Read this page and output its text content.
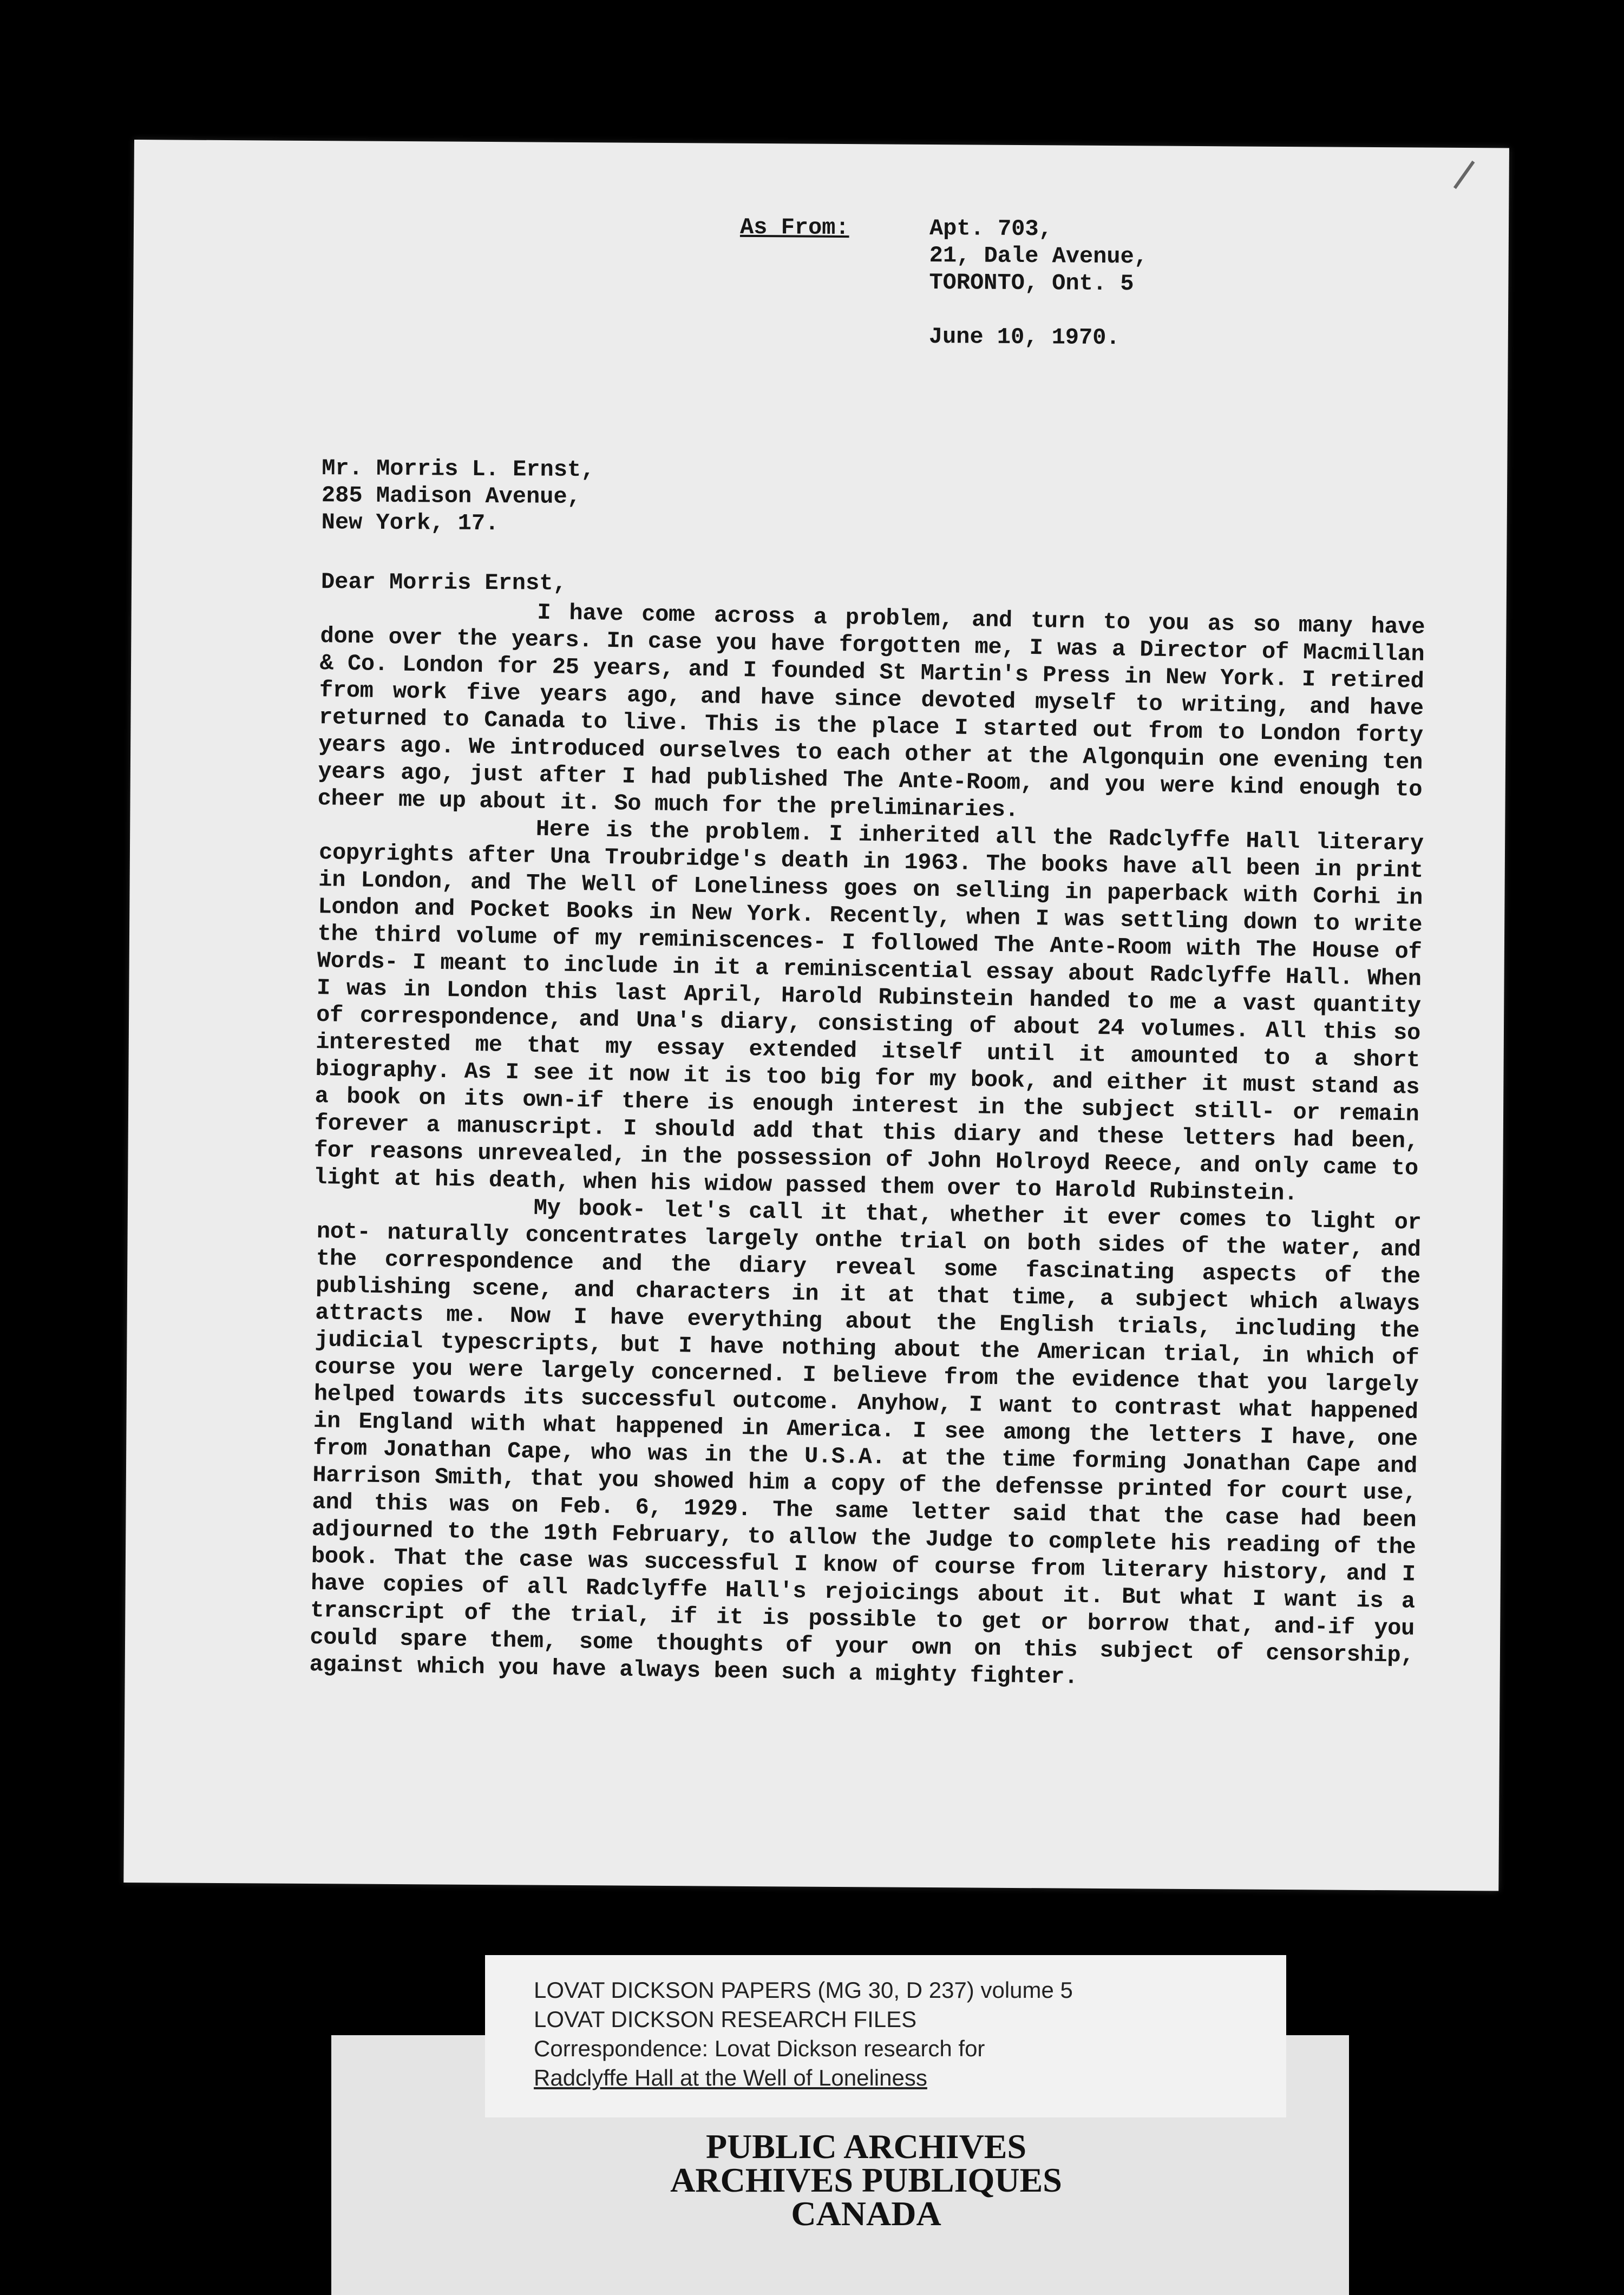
As From:	Apt. 703,
21, Dale Avenue,
TORONTO, Ont. 5
June 10, 1970.
Mr. Morris L. Ernst,
285 Madison Avenue,
New York, 17.
Dear Morris Ernst,

I have come across a problem, and turn to you as so many have done over the years. In case you have forgotten me, I was a Director of Macmillan & Co. London for 25 years, and I founded St Martin's Press in New York. I retired from work five years ago, and have since devoted myself to writing, and have returned to Canada to live. This is the place I started out from to London forty years ago. We introduced ourselves to each other at the Algonquin one evening ten years ago, just after I had published The Ante-Room, and you were kind enough to cheer me up about it. So much for the preliminaries.

Here is the problem. I inherited all the Radclyffe Hall literary copyrights after Una Troubridge's death in 1963. The books have all been in print in London, and The Well of Loneliness goes on selling in paperback with Corhi in London and Pocket Books in New York. Recently, when I was settling down to write the third volume of my reminiscences- I followed The Ante-Room with The House of Words- I meant to include in it a reminiscential essay about Radclyffe Hall. When I was in London this last April, Harold Rubinstein handed to me a vast quantity of correspondence, and Una's diary, consisting of about 24 volumes. All this so interested me that my essay extended itself until it amounted to a short biography. As I see it now it is too big for my book, and either it must stand as a book on its own-if there is enough interest in the subject still- or remain forever a manuscript. I should add that this diary and these letters had been, for reasons unrevealed, in the possession of John Holroyd Reece, and only came to light at his death, when his widow passed them over to Harold Rubinstein.

My book- let's call it that, whether it ever comes to light or not- naturally concentrates largely onthe trial on both sides of the water, and the correspondence and the diary reveal some fascinating aspects of the publishing scene, and characters in it at that time, a subject which always attracts me. Now I have everything about the English trials, including the judicial typescripts, but I have nothing about the American trial, in which of course you were largely concerned. I believe from the evidence that you largely helped towards its successful outcome. Anyhow, I want to contrast what happened in England with what happened in America. I see among the letters I have, one from Jonathan Cape, who was in the U.S.A. at the time forming Jonathan Cape and Harrison Smith, that you showed him a copy of the defensse printed for court use, and this was on Feb. 6, 1929. The same letter said that the case had been adjourned to the 19th February, to allow the Judge to complete his reading of the book. That the case was successful I know of course from literary history, and I have copies of all Radclyffe Hall's rejoicings about it. But what I want is a transcript of the trial, if it is possible to get or borrow that, and-if you could spare them, some thoughts of your own on this subject of censorship, against which you have always been such a mighty fighter.

LOVAT DICKSON PAPERS (MG 30, D 237) volume 5
LOVAT DICKSON RESEARCH FILES
Correspondence: Lovat Dickson research for
Radclyffe Hall at the Well of Loneliness
PUBLIC ARCHIVES
ARCHIVES PUBLIQUES
CANADA
